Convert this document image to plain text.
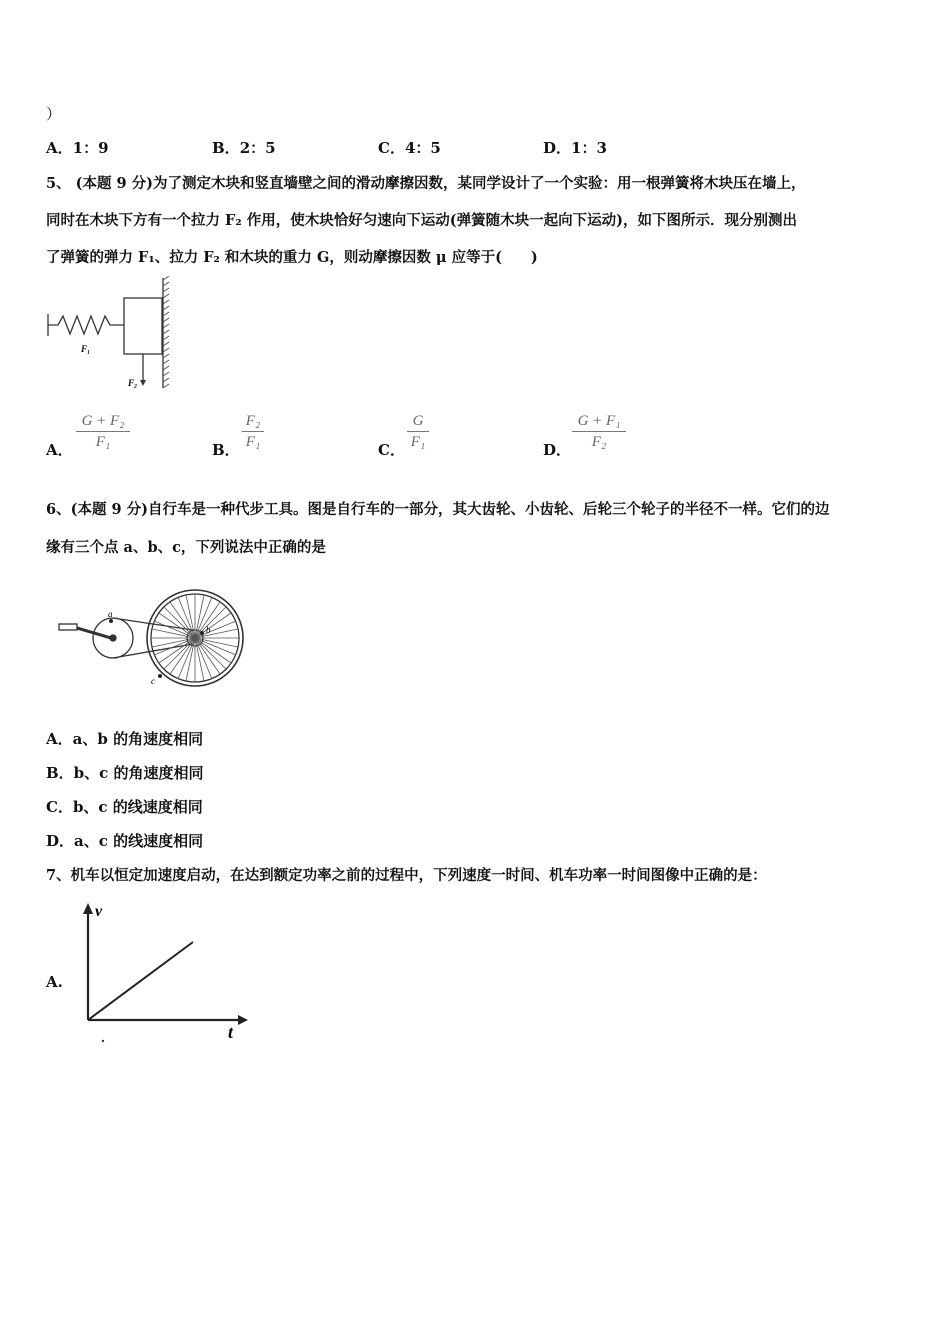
）
A．1：9	B．2：5	C．4：5	D．1：3
5、 (本题 9 分)为了测定木块和竖直墙壁之间的滑动摩擦因数，某同学设计了一个实验：用一根弹簧将木块压在墙上，
同时在木块下方有一个拉力 F₂ 作用，使木块恰好匀速向下运动(弹簧随木块一起向下运动)，如下图所示．现分别测出
了弹簧的弹力 F₁、拉力 F₂ 和木块的重力 G，则动摩擦因数 μ 应等于(　　)
F₁
F₂
A．
G + F₂
F₁	B．
F₂
F₁	C．
G
F₁	D．
G + F₁
F₂
6、(本题 9 分)自行车是一种代步工具。图是自行车的一部分，其大齿轮、小齿轮、后轮三个轮子的半径不一样。它们的边
缘有三个点 a、b、c，下列说法中正确的是
a
b
c
A．a、b 的角速度相同
B．b、c 的角速度相同
C．b、c 的线速度相同
D．a、c 的线速度相同
7、机车以恒定加速度启动，在达到额定功率之前的过程中，下列速度一时间、机车功率一时间图像中正确的是：
A.
v
t
